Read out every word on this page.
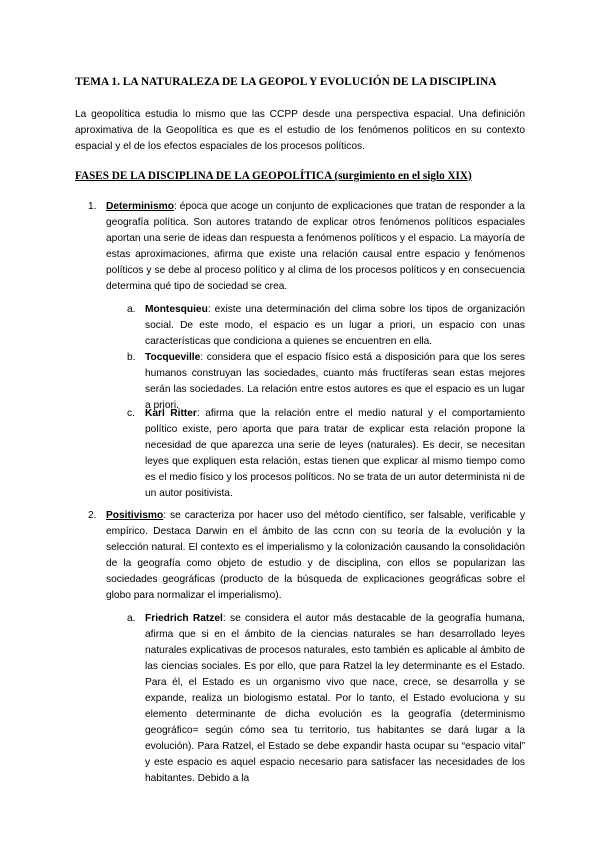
TEMA 1. LA NATURALEZA DE LA GEOPOL Y EVOLUCIÓN DE LA DISCIPLINA
La geopolítica estudia lo mismo que las CCPP desde una perspectiva espacial. Una definición aproximativa de la Geopolítica es que es el estudio de los fenómenos políticos en su contexto espacial y el de los efectos espaciales de los procesos políticos.
FASES DE LA DISCIPLINA DE LA GEOPOLÍTICA (surgimiento en el siglo XIX)
1. Determinismo: época que acoge un conjunto de explicaciones que tratan de responder a la geografía política. Son autores tratando de explicar otros fenómenos políticos espaciales aportan una serie de ideas dan respuesta a fenómenos políticos y el espacio. La mayoría de estas aproximaciones, afirma que existe una relación causal entre espacio y fenómenos políticos y se debe al proceso político y al clima de los procesos políticos y en consecuencia determina qué tipo de sociedad se crea.
a. Montesquieu: existe una determinación del clima sobre los tipos de organización social. De este modo, el espacio es un lugar a priori, un espacio con unas características que condiciona a quienes se encuentren en ella.
b. Tocqueville: considera que el espacio físico está a disposición para que los seres humanos construyan las sociedades, cuanto más fructíferas sean estas mejores serán las sociedades. La relación entre estos autores es que el espacio es un lugar a priori.
c. Karl Ritter: afirma que la relación entre el medio natural y el comportamiento político existe, pero aporta que para tratar de explicar esta relación propone la necesidad de que aparezca una serie de leyes (naturales). Es decir, se necesitan leyes que expliquen esta relación, estas tienen que explicar al mismo tiempo como es el medio físico y los procesos políticos. No se trata de un autor determinista ni de un autor positivista.
2. Positivismo: se caracteriza por hacer uso del método científico, ser falsable, verificable y empírico. Destaca Darwin en el ámbito de las ccnn con su teoría de la evolución y la selección natural. El contexto es el imperialismo y la colonización causando la consolidación de la geografía como objeto de estudio y de disciplina, con ellos se popularizan las sociedades geográficas (producto de la búsqueda de explicaciones geográficas sobre el globo para normalizar el imperialismo).
a. Friedrich Ratzel: se considera el autor más destacable de la geografía humana, afirma que si en el ámbito de la ciencias naturales se han desarrollado leyes naturales explicativas de procesos naturales, esto también es aplicable al ámbito de las ciencias sociales. Es por ello, que para Ratzel la ley determinante es el Estado. Para él, el Estado es un organismo vivo que nace, crece, se desarrolla y se expande, realiza un biologismo estatal. Por lo tanto, el Estado evoluciona y su elemento determinante de dicha evolución es la geografía (determinismo geográfico= según cómo sea tu territorio, tus habitantes se dará lugar a la evolución). Para Ratzel, el Estado se debe expandir hasta ocupar su “espacio vital” y este espacio es aquel espacio necesario para satisfacer las necesidades de los habitantes. Debido a la
